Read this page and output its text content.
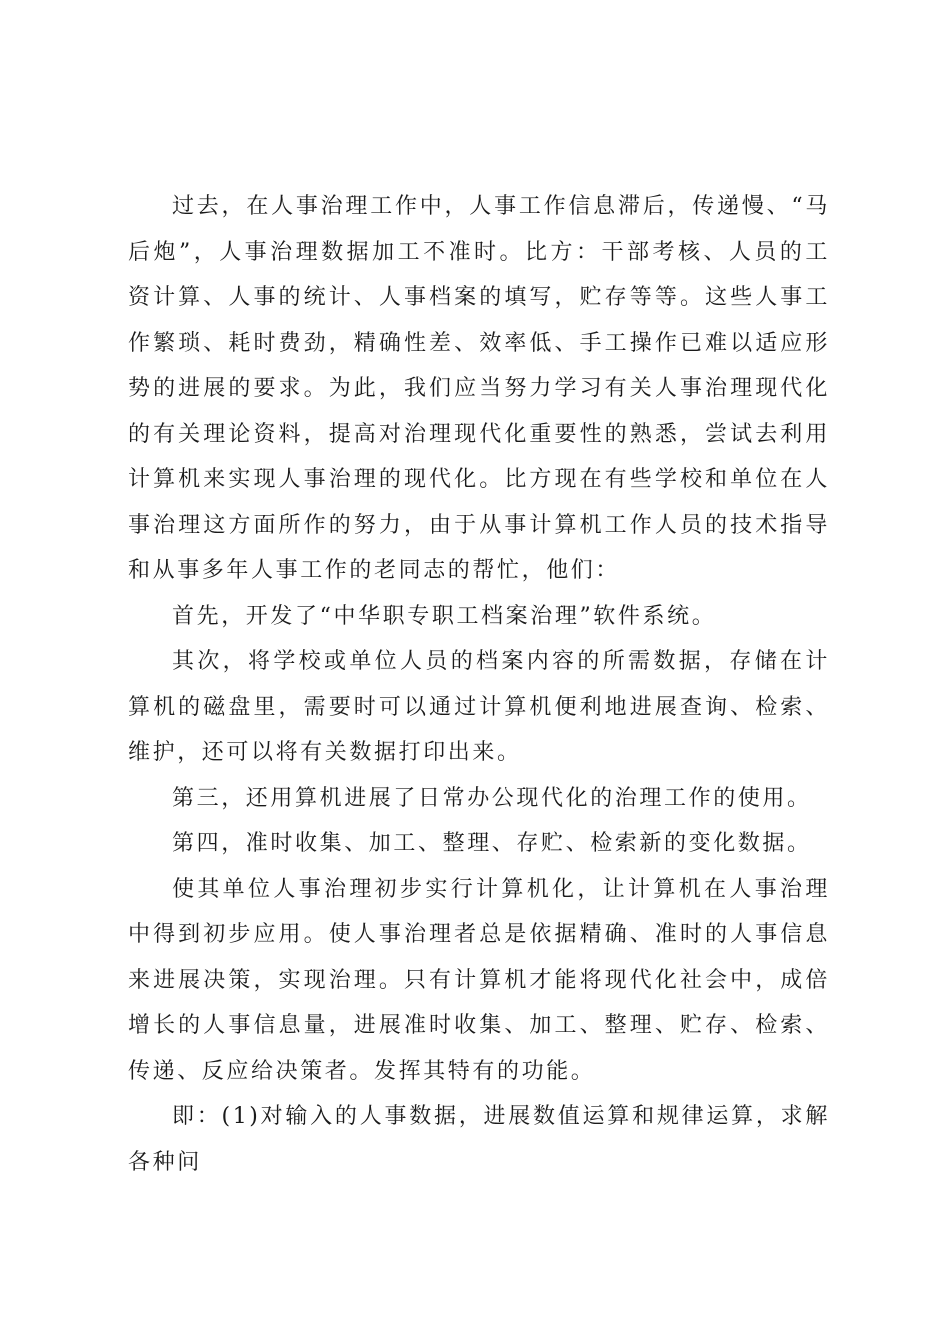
过去，在人事治理工作中，人事工作信息滞后，传递慢、“马后炮”，人事治理数据加工不准时。比方：干部考核、人员的工资计算、人事的统计、人事档案的填写，贮存等等。这些人事工作繁琐、耗时费劲，精确性差、效率低、手工操作已难以适应形势的进展的要求。为此，我们应当努力学习有关人事治理现代化的有关理论资料，提高对治理现代化重要性的熟悉，尝试去利用计算机来实现人事治理的现代化。比方现在有些学校和单位在人事治理这方面所作的努力，由于从事计算机工作人员的技术指导和从事多年人事工作的老同志的帮忙，他们：

首先，开发了“中华职专职工档案治理”软件系统。

其次，将学校或单位人员的档案内容的所需数据，存储在计算机的磁盘里，需要时可以通过计算机便利地进展查询、检索、维护，还可以将有关数据打印出来。

第三，还用算机进展了日常办公现代化的治理工作的使用。

第四，准时收集、加工、整理、存贮、检索新的变化数据。

使其单位人事治理初步实行计算机化，让计算机在人事治理中得到初步应用。使人事治理者总是依据精确、准时的人事信息来进展决策，实现治理。只有计算机才能将现代化社会中，成倍增长的人事信息量，进展准时收集、加工、整理、贮存、检索、传递、反应给决策者。发挥其特有的功能。

即：(1)对输入的人事数据，进展数值运算和规律运算，求解各种问
